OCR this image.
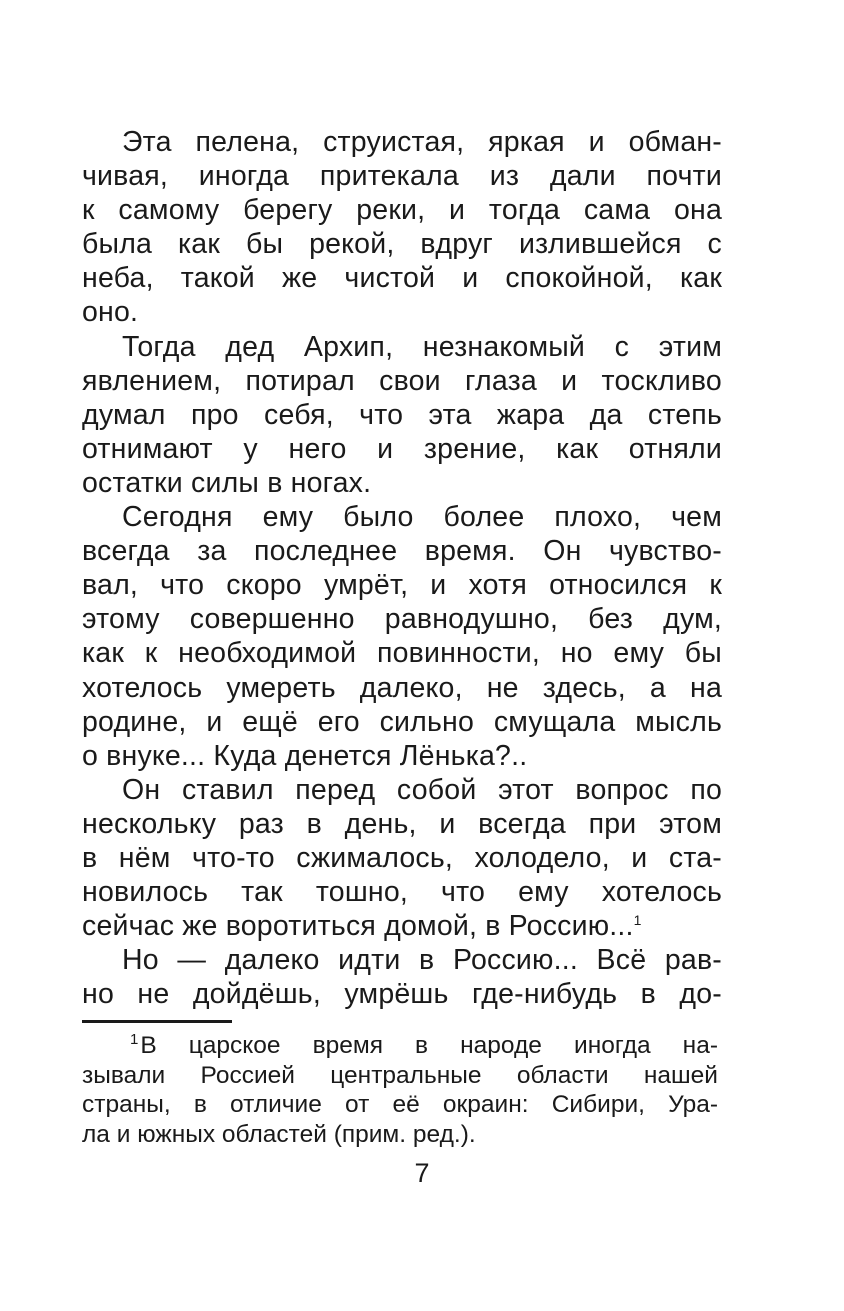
Эта пелена, струистая, яркая и обман-
чивая, иногда притекала из дали почти
к самому берегу реки, и тогда сама она
была как бы рекой, вдруг излившейся с
неба, такой же чистой и спокойной, как
оно.
Тогда дед Архип, незнакомый с этим
явлением, потирал свои глаза и тоскливо
думал про себя, что эта жара да степь
отнимают у него и зрение, как отняли
остатки силы в ногах.
Сегодня ему было более плохо, чем
всегда за последнее время. Он чувство-
вал, что скоро умрёт, и хотя относился к
этому совершенно равнодушно, без дум,
как к необходимой повинности, но ему бы
хотелось умереть далеко, не здесь, а на
родине, и ещё его сильно смущала мысль
о внуке... Куда денется Лёнька?..
Он ставил перед собой этот вопрос по
нескольку раз в день, и всегда при этом
в нём что-то сжималось, холодело, и ста-
новилось так тошно, что ему хотелось
сейчас же воротиться домой, в Россию...$^1$
Но — далеко идти в Россию... Всё рав-
но не дойдёшь, умрёшь где-нибудь в до-
$^1$В царское время в народе иногда на-
зывали Россией центральные области нашей
страны, в отличие от её окраин: Сибири, Ура-
ла и южных областей (прим. ред.).
7
